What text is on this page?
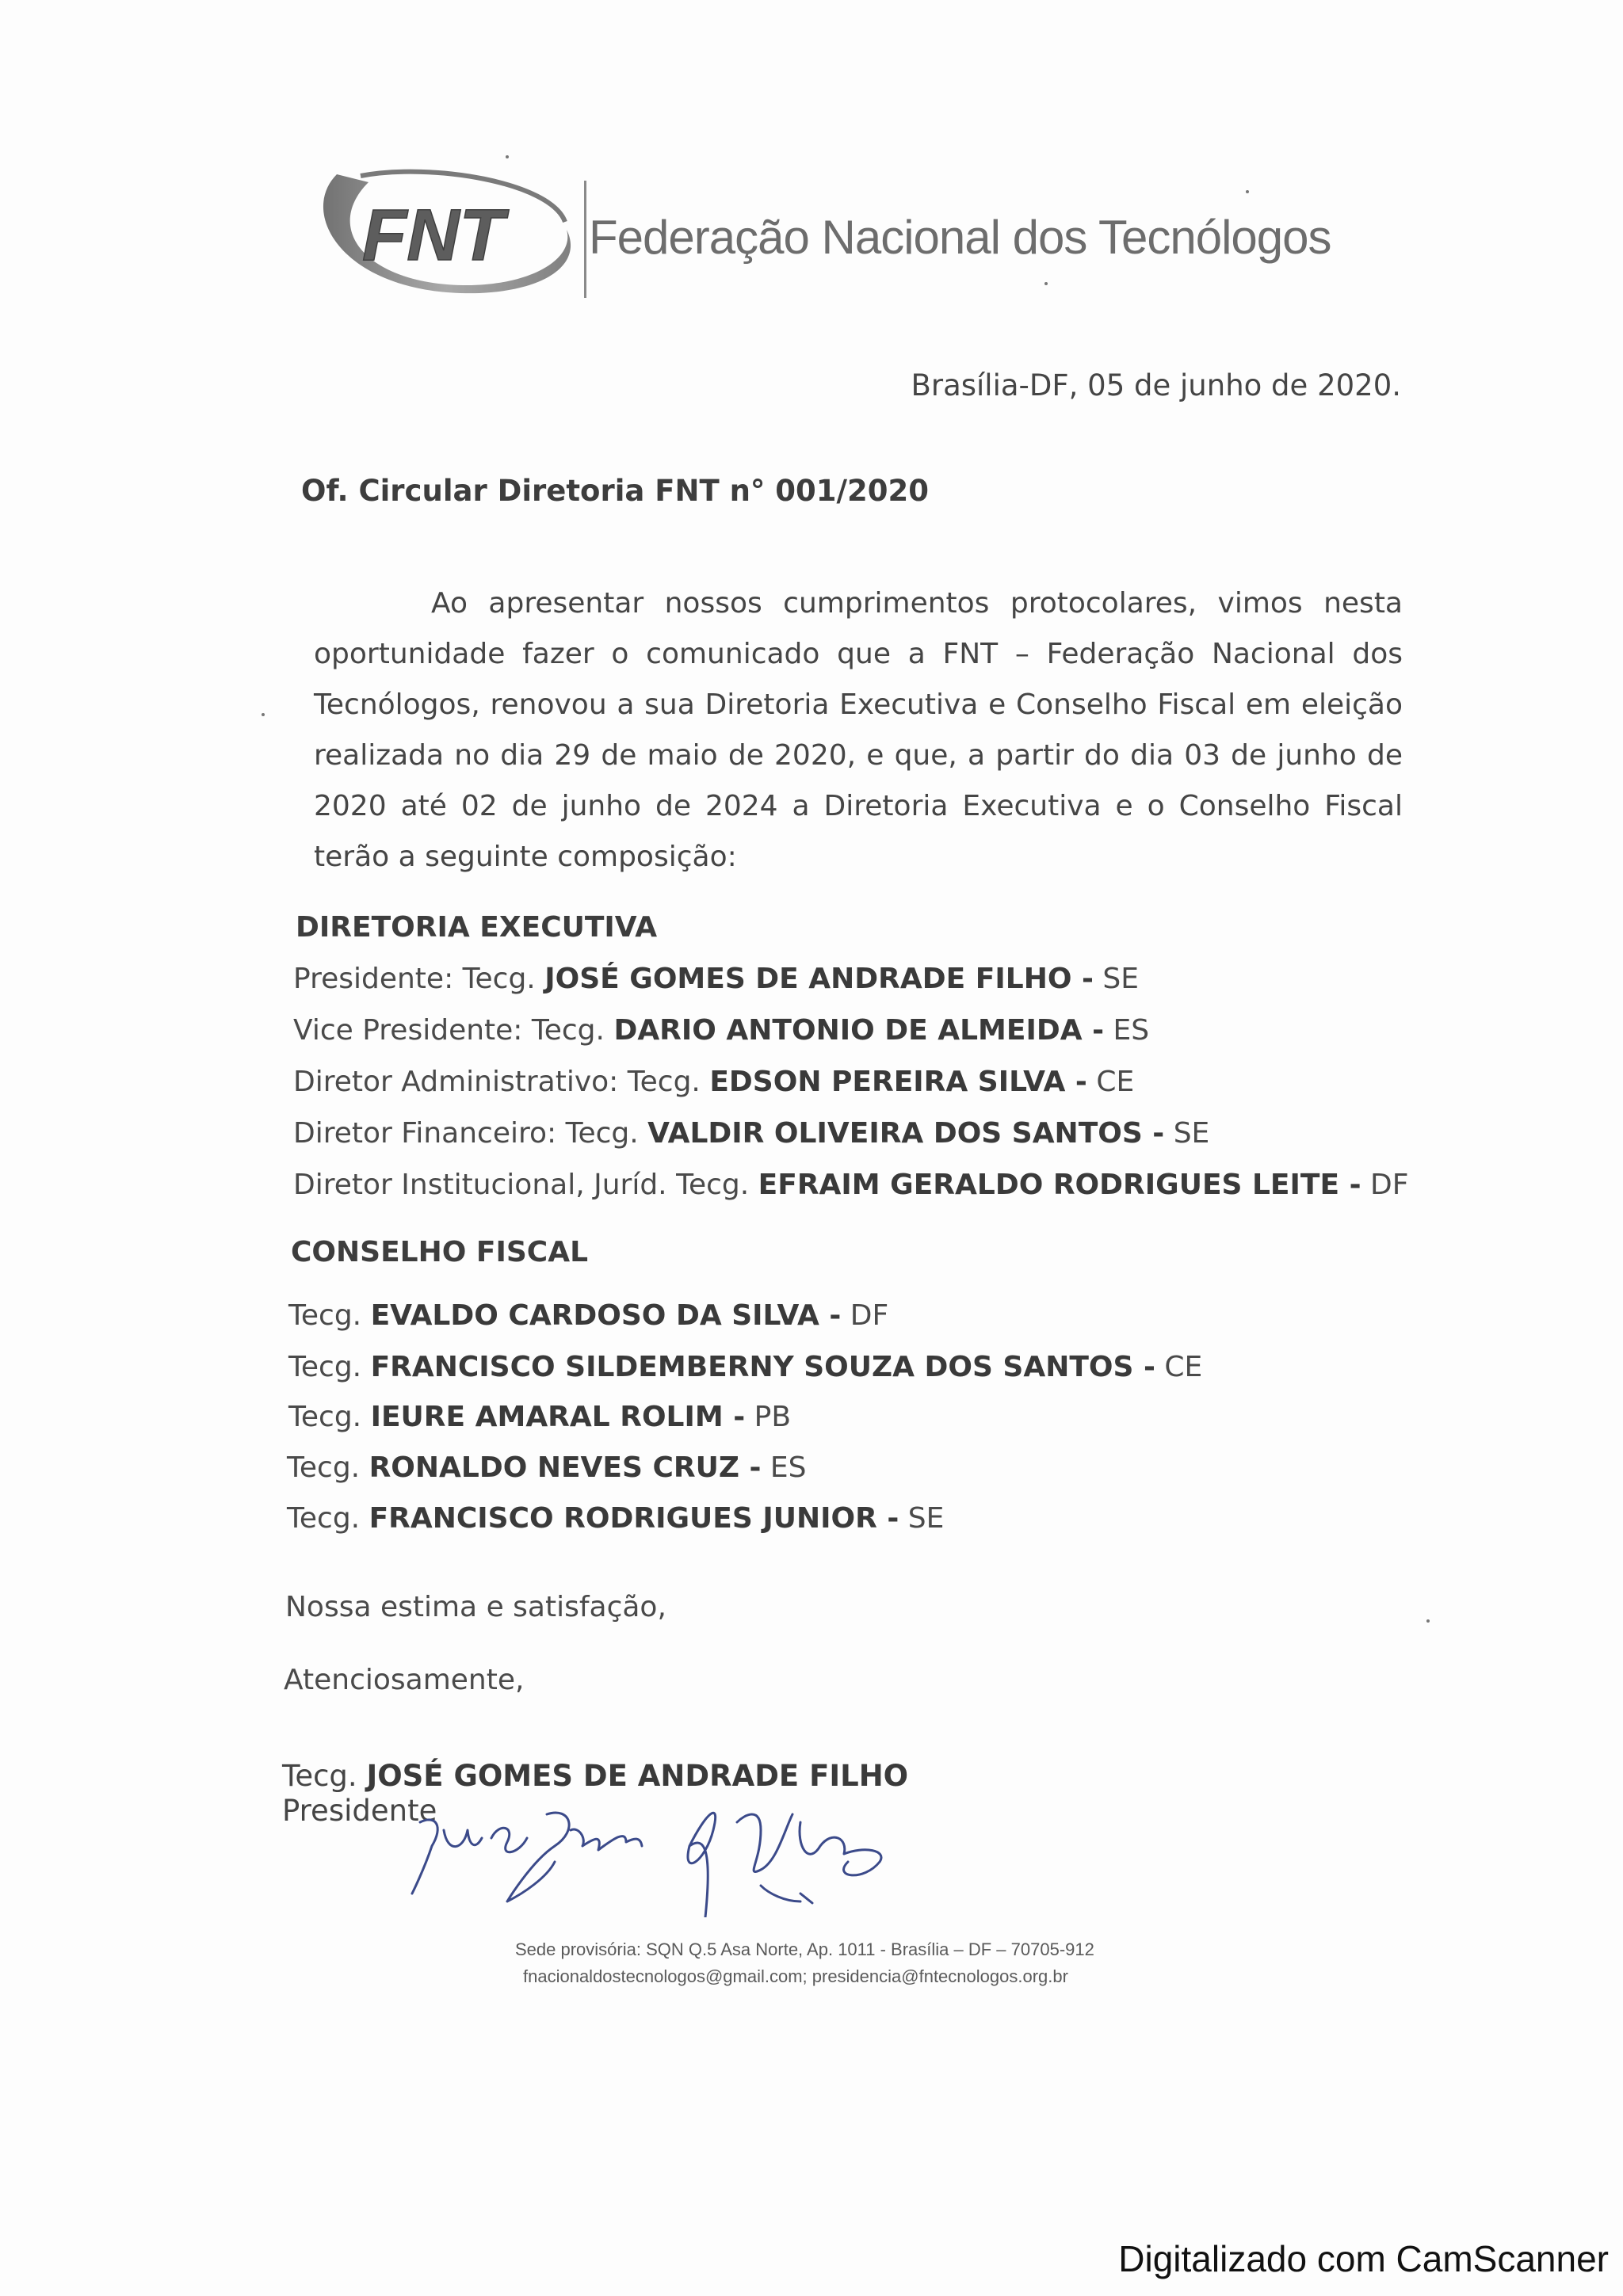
FNT Federação Nacional dos Tecnólogos
Brasília-DF, 05 de junho de 2020.
Of. Circular Diretoria FNT n° 001/2020
Ao apresentar nossos cumprimentos protocolares, vimos nesta oportunidade fazer o comunicado que a FNT – Federação Nacional dos Tecnólogos, renovou a sua Diretoria Executiva e Conselho Fiscal em eleição realizada no dia 29 de maio de 2020, e que, a partir do dia 03 de junho de 2020 até 02 de junho de 2024 a Diretoria Executiva e o Conselho Fiscal terão a seguinte composição:
DIRETORIA EXECUTIVA
Presidente: Tecg. JOSÉ GOMES DE ANDRADE FILHO - SE
Vice Presidente: Tecg. DARIO ANTONIO DE ALMEIDA - ES
Diretor Administrativo: Tecg. EDSON PEREIRA SILVA - CE
Diretor Financeiro: Tecg. VALDIR OLIVEIRA DOS SANTOS - SE
Diretor Institucional, Juríd. Tecg. EFRAIM GERALDO RODRIGUES LEITE - DF
CONSELHO FISCAL
Tecg. EVALDO CARDOSO DA SILVA - DF
Tecg. FRANCISCO SILDEMBERNY SOUZA DOS SANTOS - CE
Tecg. IEURE AMARAL ROLIM - PB
Tecg. RONALDO NEVES CRUZ - ES
Tecg. FRANCISCO RODRIGUES JUNIOR - SE
Nossa estima e satisfação,
Atenciosamente,
Tecg. JOSÉ GOMES DE ANDRADE FILHO
Presidente
Sede provisória: SQN Q.5 Asa Norte, Ap. 1011 - Brasília – DF – 70705-912
fnacionaldostecnologos@gmail.com; presidencia@fntecnologos.org.br
Digitalizado com CamScanner
